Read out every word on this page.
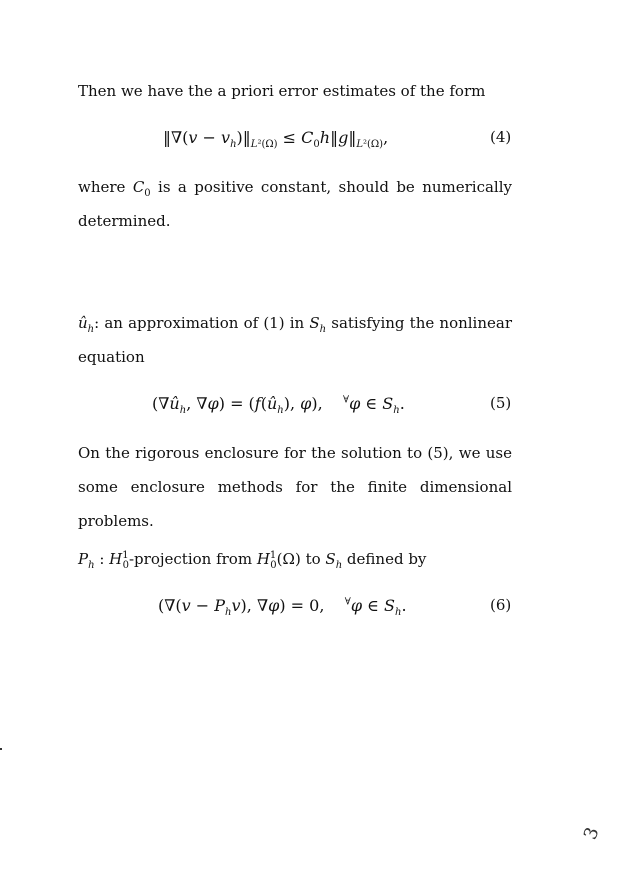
Then we have the a priori error estimates of the form
‖∇(v − $v_h)‖_{L^2(\Omega)}$ ≤ $C_0h‖g‖_{L^2(\Omega)}$,	(4)
where $C_0$ is a positive constant, should be numerically determined.
$û_h$: an approximation of (1) in $S_h$ satisfying the nonlinear equation
($\nabla û_h$, $\nabla\varphi) = (f(û_h)$, φ),    ∀φ ∈ $S_h$.	(5)
On the rigorous enclosure for the solution to (5), we use some enclosure methods for the finite dimensional problems.
$P_h$ : $H^1_0$-projection from $H^1_0(\Omega)$ to $S_h$ defined by
($\nabla(v - P_hv)$, ∇φ) = 0,    ∀φ ∈ $S_h$.	(6)
3
